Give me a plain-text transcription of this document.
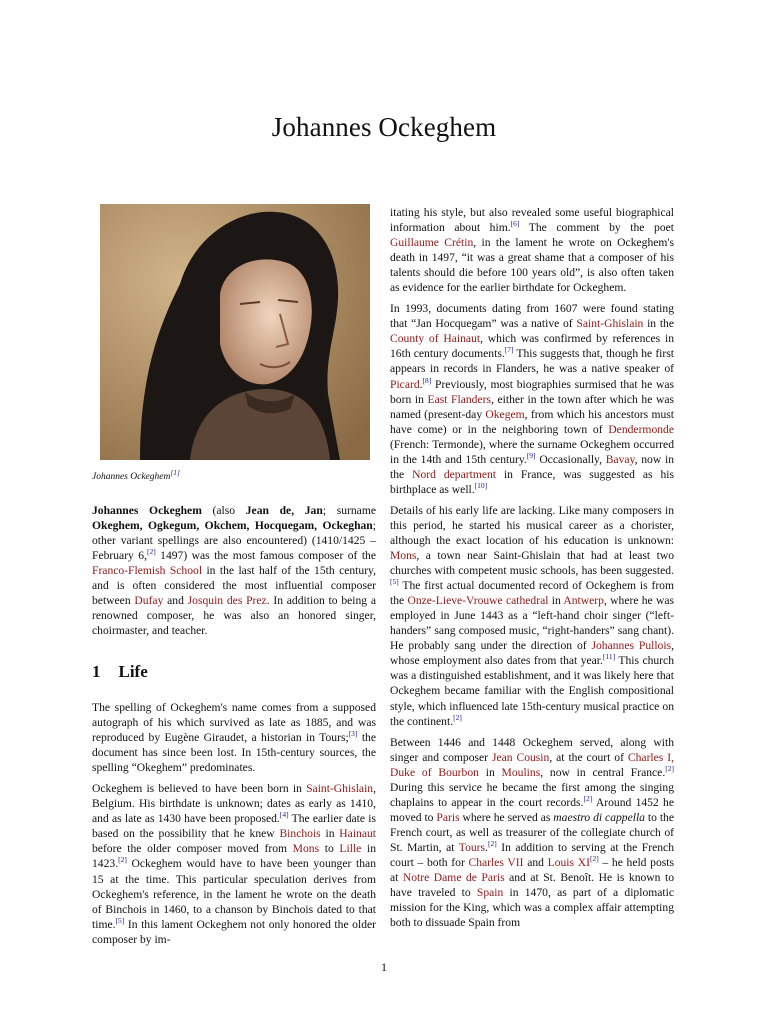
Johannes Ockeghem
Johannes Ockeghem[1]

Johannes Ockeghem (also Jean de, Jan; surname Okeghem, Ogkegum, Okchem, Hocquegam, Ockeghan; other variant spellings are also encountered) (1410/1425 – February 6,[2] 1497) was the most famous composer of the Franco-Flemish School in the last half of the 15th century, and is often considered the most influential composer between Dufay and Josquin des Prez. In addition to being a renowned composer, he was also an honored singer, choirmaster, and teacher.

1 Life

The spelling of Ockeghem's name comes from a supposed autograph of his which survived as late as 1885, and was reproduced by Eugène Giraudet, a historian in Tours;[3] the document has since been lost. In 15th-century sources, the spelling “Okeghem” predominates.

Ockeghem is believed to have been born in Saint-Ghislain, Belgium. His birthdate is unknown; dates as early as 1410, and as late as 1430 have been proposed.[4] The earlier date is based on the possibility that he knew Binchois in Hainaut before the older composer moved from Mons to Lille in 1423.[2] Ockeghem would have to have been younger than 15 at the time. This particular speculation derives from Ockeghem's reference, in the lament he wrote on the death of Binchois in 1460, to a chanson by Binchois dated to that time.[5] In this lament Ockeghem not only honored the older composer by im-

itating his style, but also revealed some useful biographical information about him.[6] The comment by the poet Guillaume Crétin, in the lament he wrote on Ockeghem's death in 1497, “it was a great shame that a composer of his talents should die before 100 years old”, is also often taken as evidence for the earlier birthdate for Ockeghem.

In 1993, documents dating from 1607 were found stating that “Jan Hocquegam” was a native of Saint-Ghislain in the County of Hainaut, which was confirmed by references in 16th century documents.[7] This suggests that, though he first appears in records in Flanders, he was a native speaker of Picard.[8] Previously, most biographies surmised that he was born in East Flanders, either in the town after which he was named (present-day Okegem, from which his ancestors must have come) or in the neighboring town of Dendermonde (French: Termonde), where the surname Ockeghem occurred in the 14th and 15th century.[9] Occasionally, Bavay, now in the Nord department in France, was suggested as his birthplace as well.[10]

Details of his early life are lacking. Like many composers in this period, he started his musical career as a chorister, although the exact location of his education is unknown: Mons, a town near Saint-Ghislain that had at least two churches with competent music schools, has been suggested.[5] The first actual documented record of Ockeghem is from the Onze-Lieve-Vrouwe cathedral in Antwerp, where he was employed in June 1443 as a “left-hand choir singer (“left-handers” sang composed music, “right-handers” sang chant). He probably sang under the direction of Johannes Pullois, whose employment also dates from that year.[11] This church was a distinguished establishment, and it was likely here that Ockeghem became familiar with the English compositional style, which influenced late 15th-century musical practice on the continent.[2]

Between 1446 and 1448 Ockeghem served, along with singer and composer Jean Cousin, at the court of Charles I, Duke of Bourbon in Moulins, now in central France.[2] During this service he became the first among the singing chaplains to appear in the court records.[2] Around 1452 he moved to Paris where he served as maestro di cappella to the French court, as well as treasurer of the collegiate church of St. Martin, at Tours.[2] In addition to serving at the French court – both for Charles VII and Louis XI[2] – he held posts at Notre Dame de Paris and at St. Benoît. He is known to have traveled to Spain in 1470, as part of a diplomatic mission for the King, which was a complex affair attempting both to dissuade Spain from

1
